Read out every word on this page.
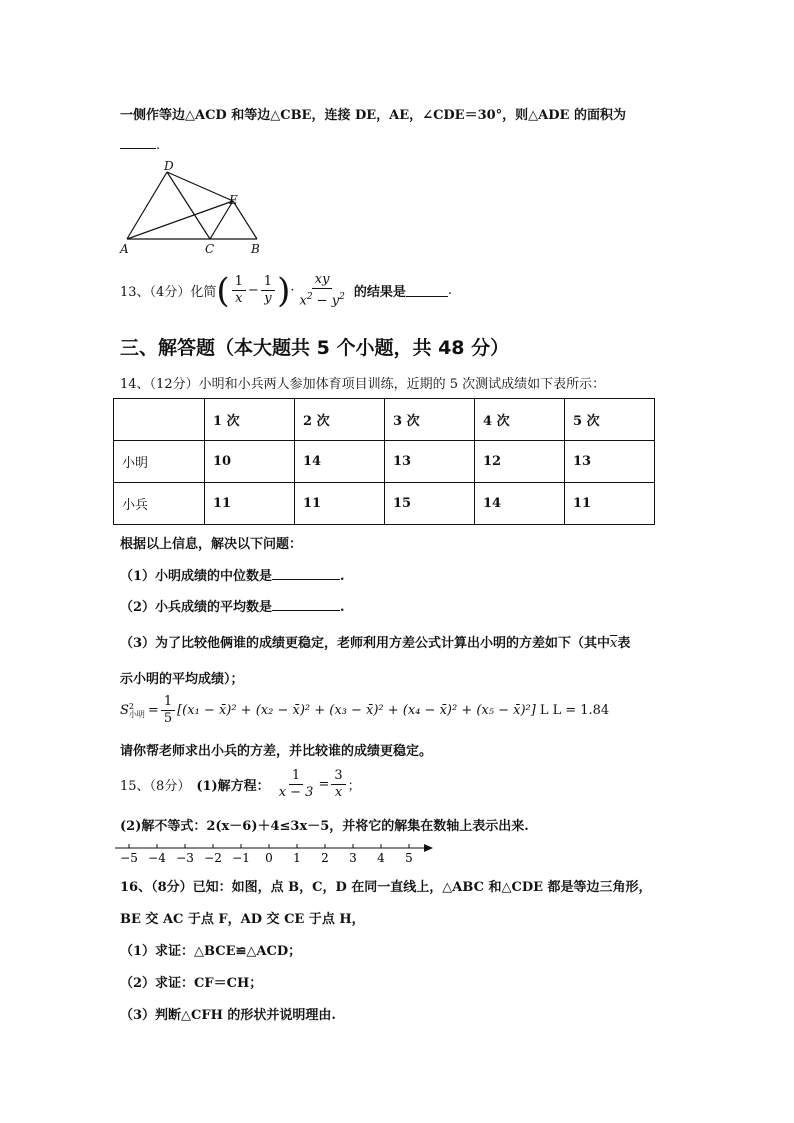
一侧作等边△ACD 和等边△CBE，连接 DE，AE，∠CDE＝30°，则△ADE 的面积为
.
D
E
A	C	B
13、（4分）化简 ( $\frac{1}{x} - \frac{1}{y}$ ) · $\frac{xy}{x^2 - y^2}$ 的结果是	.
三、解答题（本大题共 5 个小题，共 48 分）
14、（12分）小明和小兵两人参加体育项目训练，近期的 5 次测试成绩如下表所示：
	1 次	2 次	3 次	4 次	5 次
小明	10	14	13	12	13
小兵	11	11	15	14	11
根据以上信息，解决以下问题：
（1）小明成绩的中位数是	.
（2）小兵成绩的平均数是	.
（3）为了比较他俩谁的成绩更稳定，老师利用方差公式计算出小明的方差如下（其中$\overline{x}$表
示小明的平均成绩）；
S 2
小明 = $\frac{1}{5} [(x_1$ − x̄)² + (x₂ − x̄)² + (x₃ − x̄)² + (x₄ − x̄)² + (x₅ − x̄)²] L L = 1.84
请你帮老师求出小兵的方差，并比较谁的成绩更稳定。
15、（8分） (1)解方程： $\frac{1}{x - 3} = \frac{3}{x}$ ；
(2)解不等式：2(x－6)＋4≤3x－5，并将它的解集在数轴上表示出来.
−5 −4 −3 −2 −1 0 1 2 3 4 5
16、（8分）已知：如图，点 B，C，D 在同一直线上，△ABC 和△CDE 都是等边三角形，
BE 交 AC 于点 F，AD 交 CE 于点 H，
（1）求证：△BCE≌△ACD；
（2）求证：CF＝CH；
（3）判断△CFH 的形状并说明理由.
